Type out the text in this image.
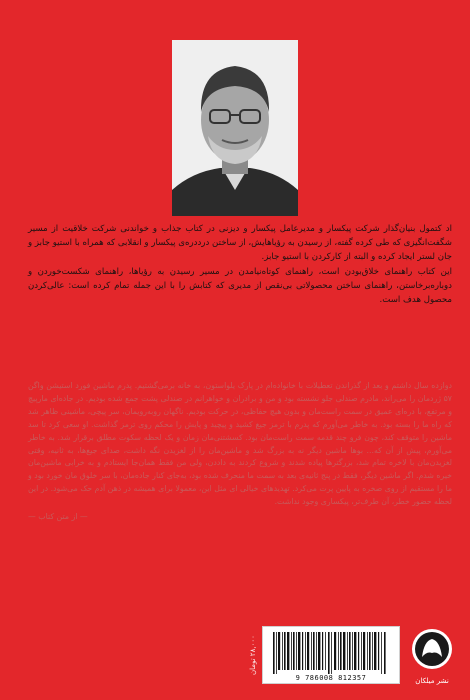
اد کتمول بنیان‌گذار شرکت پیکسار و مدیرعامل پیکسار و دیزنی در کتاب جذاب و خواندنی شرکت خلاقیت از مسیر شگفت‌انگیزی که طی کرده گفته، از رسیدن به رؤیاهایش، از ساختن درددره‌ی پیکسار و انقلابی که همراه با استیو جابز و جان لستر ایجاد کرده و البته از کارکردن با استیو جابز.

این کتاب راهنمای خلاق‌بودن است، راهنمای کوتاه‌نیامدن در مسیر رسیدن به رؤیاها، راهنمای شکست‌خوردن و دوباره‌برخاستن، راهنمای ساختن محصولاتی بی‌نقص از مدیری که کتابش را با این جمله تمام کرده است: عالی‌کردن محصول هدف است.

دوازده سال داشتم و بعد از گذراندن تعطیلات با خانواده‌ام در پارک یلواستون، به خانه برمی‌گشتیم. پدرم ماشین فورد استیشن واگن ۵۷ ژردمان را می‌راند، مادرم صندلی جلو نشسته بود و من و برادران و خواهرانم در صندلی پشت جمع شده بودیم. در جاده‌ای مارپیچ و مرتفع، با دره‌ای عمیق در سمت راست‌مان و بدون هیچ حفاظی، در حرکت بودیم. ناگهان روبه‌رویمان، سر پیچی، ماشینی ظاهر شد که راه ما را بسته بود. به خاطر می‌آورم که پدرم با ترمز جیغ کشید و پیچید و پایش را محکم روی ترمز گذاشت. او سعی کرد تا سد ماشین را متوقف کند، چون فرو چند قدمه سمت راست‌مان بود. کسشتنی‌مان زمان و یک لحظه سکوت مطلق برقرار شد. به خاطر می‌آورم، پیش از آن که... بوها ماشین دیگر نه به بزرگ شد و ماشین‌مان را از لغزیدن نگه داشت، صدای جیغ‌ها، به ثانیه، وقتی لغزیدن‌مان با لاخره تمام شد، بزرگترها پیاده شدند و شروع کردند به داددن، ولی من فقط همان‌جا ایستادم و به خرابی ماشین‌مان خیره شدم. اگر ماشین دیگر، فقط در پنج ثانیه‌ی بعد به سمت ما منحرف شده بود، به‌جای کنار جاده‌مان، با سر خلوق مان خورد بود و ما را مستقیم از روی صخره به پایین پرت می‌کرد. تهدیدهای خیالی ای مثل این، معمولا برای همیشه در ذهن آدم حک می‌شود. در این لحظه حضور خطر، آن طرف‌تر، پیکساری وجود نداشت.

— از متن کتاب —
۲۸,۰۰۰ تومان
9 786008 812357	نشر میلکان
